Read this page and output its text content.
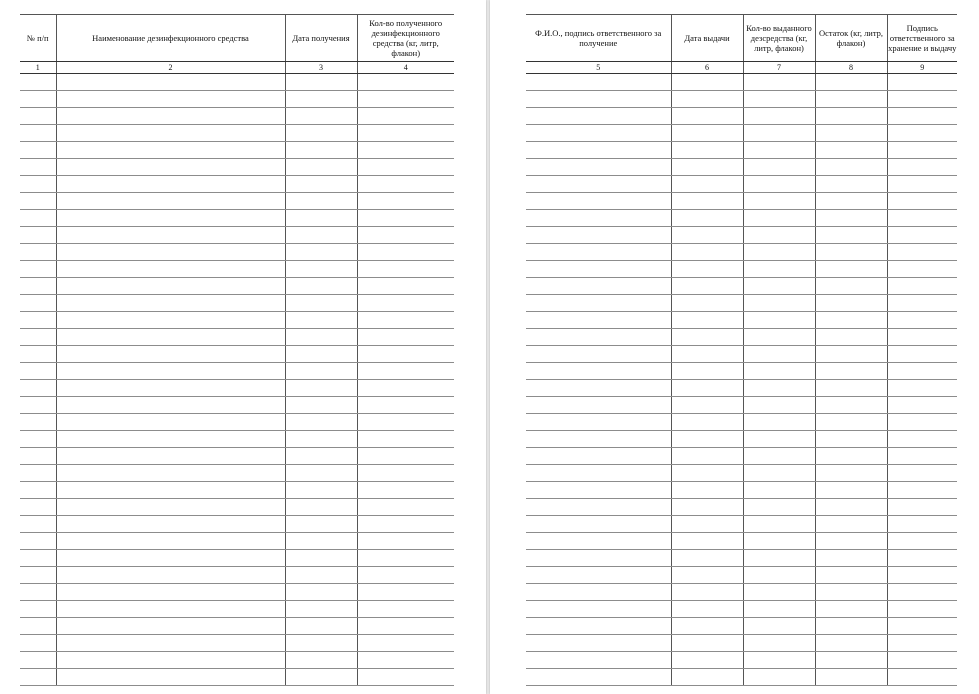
№ п/п	Наименование дезинфекционного средства	Дата получения	Кол-во полученного дезинфекционного средства (кг, литр, флакон)
1	2	3	4

Ф.И.О., подпись ответственного за получение	Дата выдачи	Кол-во выданного дезсредства (кг, литр, флакон)	Остаток (кг, литр, флакон)	Подпись ответственного за хранение и выдачу
5	6	7	8	9
